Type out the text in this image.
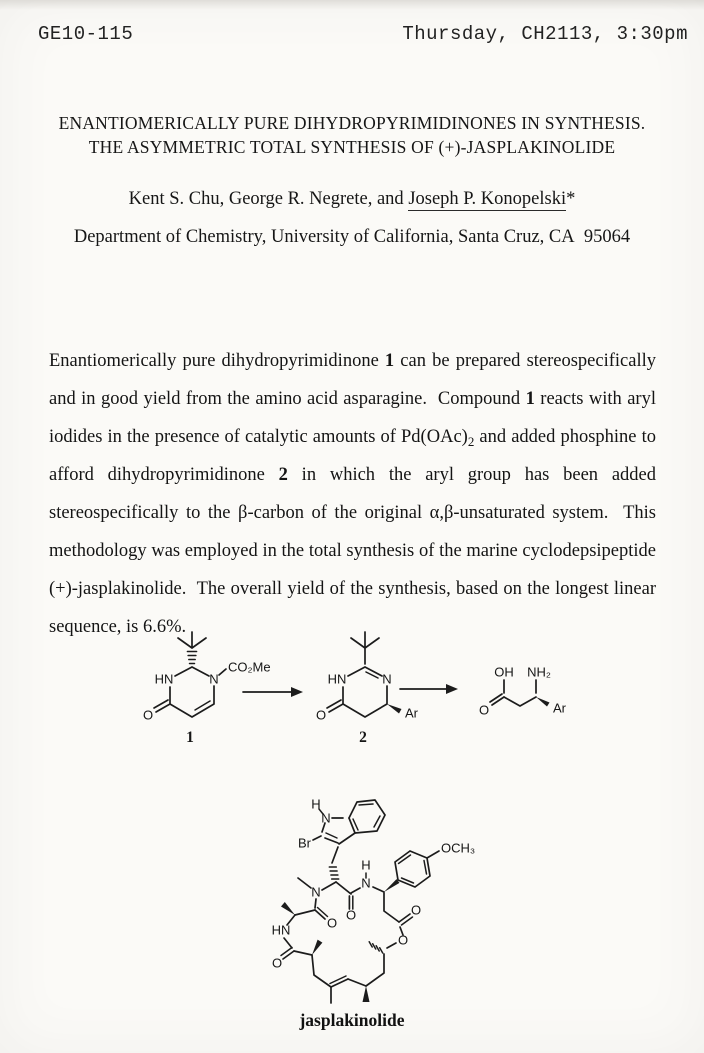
GE10-115	Thursday, CH2113, 3:30pm
ENANTIOMERICALLY PURE DIHYDROPYRIMIDINONES IN SYNTHESIS.
THE ASYMMETRIC TOTAL SYNTHESIS OF (+)-JASPLAKINOLIDE
Kent S. Chu, George R. Negrete, and Joseph P. Konopelski*
Department of Chemistry, University of California, Santa Cruz, CA  95064
Enantiomerically pure dihydropyrimidinone 1 can be prepared stereospecifically
and in good yield from the amino acid asparagine.  Compound 1 reacts with aryl
iodides in the presence of catalytic amounts of $Pd(OAc)_2$ and added phosphine to
afford dihydropyrimidinone 2 in which the aryl group has been added
stereospecifically to the β-carbon of the original α,β-unsaturated system.  This
methodology was employed in the total synthesis of the marine cyclodepsipeptide
(+)-jasplakinolide.  The overall yield of the synthesis, based on the longest linear
sequence, is 6.6%.
HN	N
CO₂Me
O
1
HN	N
O	Ar
2
OH NH₂
O	Ar
H
N
Br
N
O
H
N
OCH₃
O
O
O
HN
O
jasplakinolide
